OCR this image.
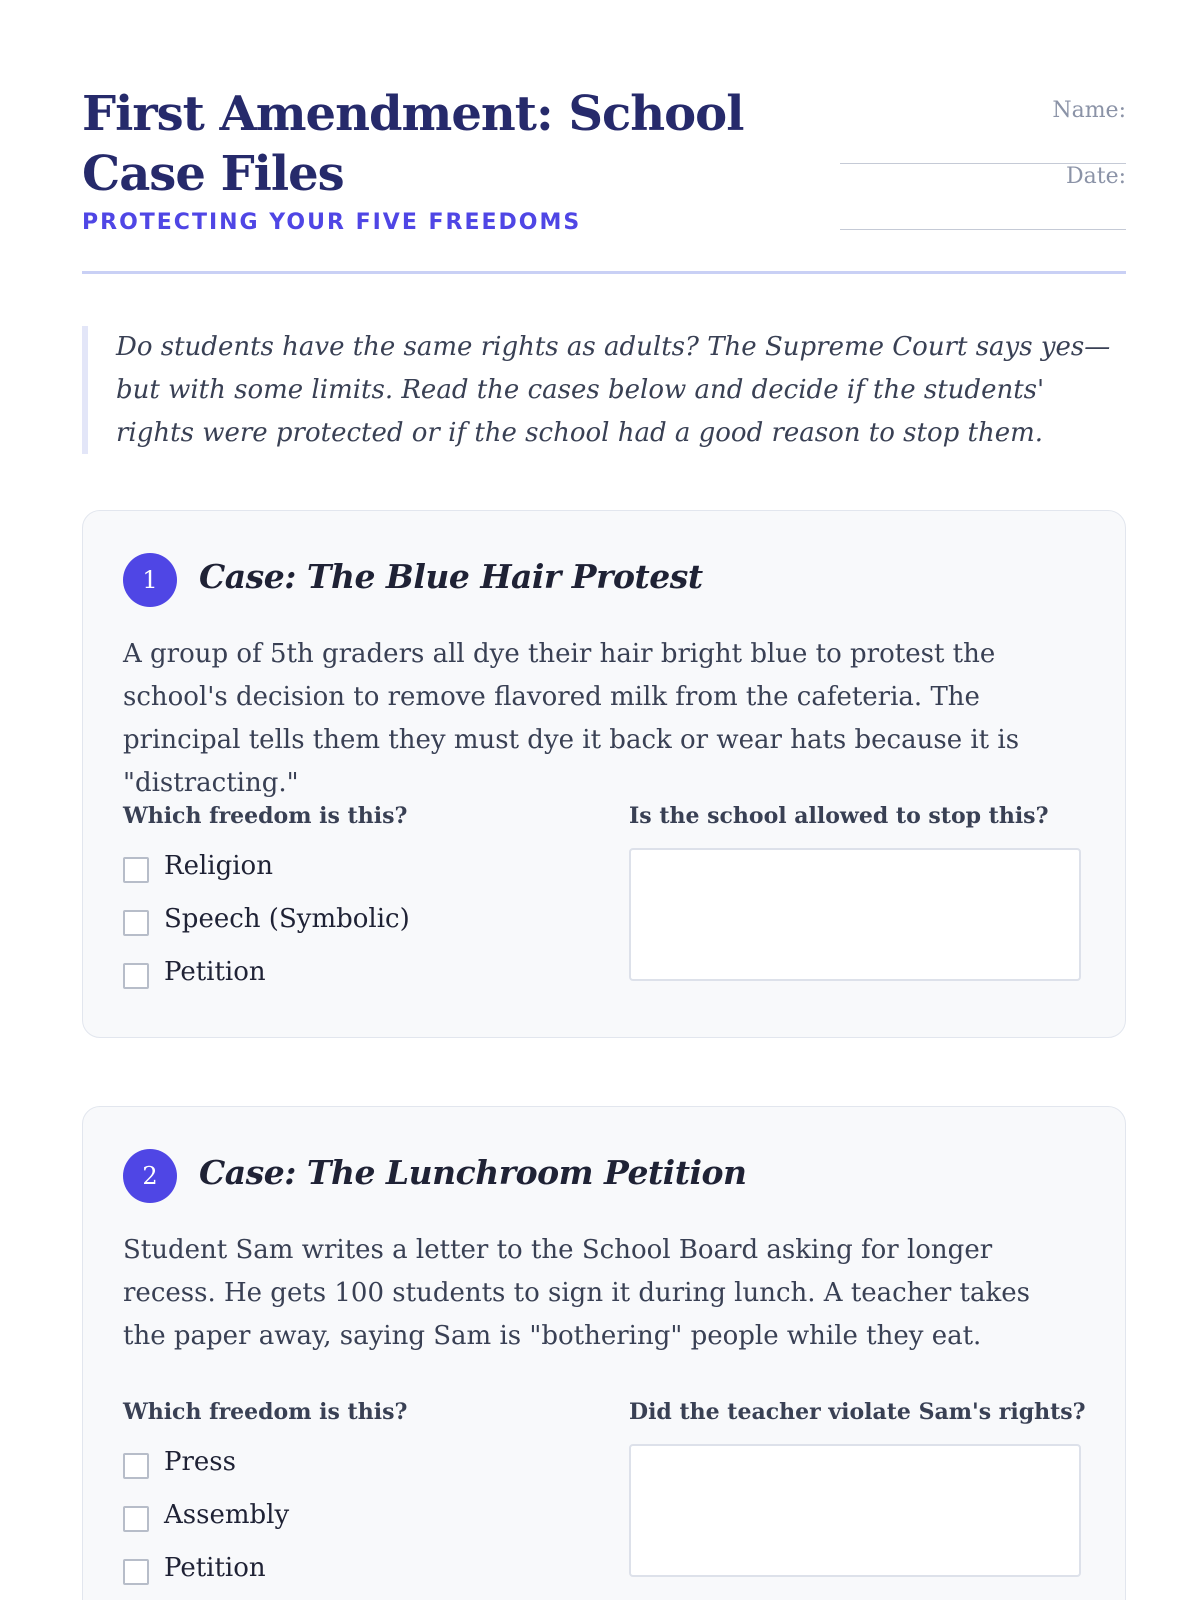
First Amendment: School Case Files
PROTECTING YOUR FIVE FREEDOMS
Name:
Date:
Do students have the same rights as adults? The Supreme Court says yes—but with some limits. Read the cases below and decide if the students' rights were protected or if the school had a good reason to stop them.
1	Case: The Blue Hair Protest

A group of 5th graders all dye their hair bright blue to protest the school's decision to remove flavored milk from the cafeteria. The principal tells them they must dye it back or wear hats because it is "distracting."

Which freedom is this?	Is the school allowed to stop this?
Religion
Speech (Symbolic)
Petition
2	Case: The Lunchroom Petition

Student Sam writes a letter to the School Board asking for longer recess. He gets 100 students to sign it during lunch. A teacher takes the paper away, saying Sam is "bothering" people while they eat.

Which freedom is this?	Did the teacher violate Sam's rights?
Press
Assembly
Petition
